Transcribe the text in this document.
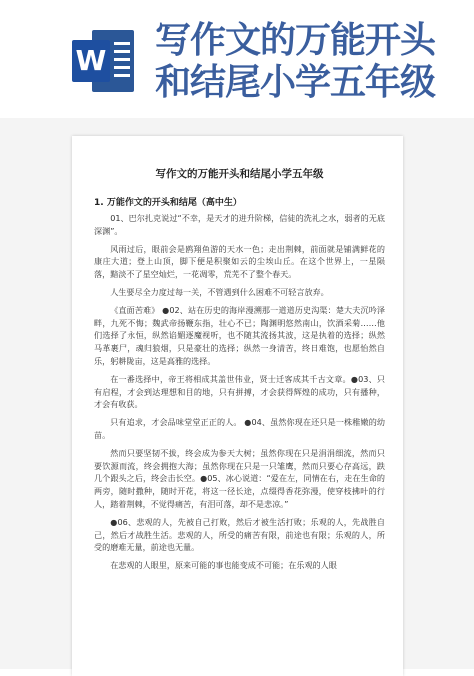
W 写作文的万能开头
和结尾小学五年级
写作文的万能开头和结尾小学五年级
1. 万能作文的开头和结尾（高中生）

01、巴尔扎克说过“不幸，是天才的进升阶梯，信徒的洗礼之水，弱者的无底深渊”。

风雨过后，眼前会是鸥翔鱼游的天水一色；走出荆棘，前面就是铺满鲜花的康庄大道；登上山顶，脚下便是积聚如云的尘埃山丘。在这个世界上，一星陨落，黯淡不了星空灿烂，一花凋零，荒芜不了整个春天。

人生要尽全力度过每一关，不管遇到什么困难不可轻言放弃。

《直面苦难》 ●02、站在历史的海岸漫溯那一道道历史沟渠：楚大夫沉吟泽畔，九死不悔；魏武帝扬鞭东指，壮心不已；陶渊明悠然南山，饮酒采菊……他们选择了永恒，纵然谄媚逐魔视听，也不随其流扬其波，这是执着的选择；纵然马革裹尸，魂归狼烟，只是豪壮的选择；纵然一身清苦，终日难饱，也愿怡然自乐，躬耕陇亩，这是高雅的选择。

在一番选择中，帝王将相成其盖世伟业，贤士迁客成其千古文章。●03、只有启程，才会到达理想和目的地，只有拼搏，才会获得辉煌的成功，只有播种，才会有收获。

只有追求，才会品味堂堂正正的人。 ●04、虽然你现在还只是一株稚嫩的幼苗。

然而只要坚韧不拔，终会成为参天大树；虽然你现在只是涓涓细流，然而只要饮源而流，终会拥抱大海；虽然你现在只是一只雏鹰，然而只要心存高远，跌几个跟头之后，终会击长空。●05、冰心说道：“爱在左，同情在右，走在生命的两旁，随时撒种，随时开花，将这一径长途，点缀得香花弥漫，使穿枝拂叶的行人，踏着荆棘，不觉得痛苦，有泪可落，却不是悲凉。”

●06、悲观的人，先被自己打败，然后才被生活打败；乐观的人，先战胜自己，然后才战胜生活。悲观的人，所受的痛苦有限，前途也有限；乐观的人，所受的磨难无量，前途也无量。

在悲观的人眼里，原来可能的事也能变成不可能；在乐观的人眼
